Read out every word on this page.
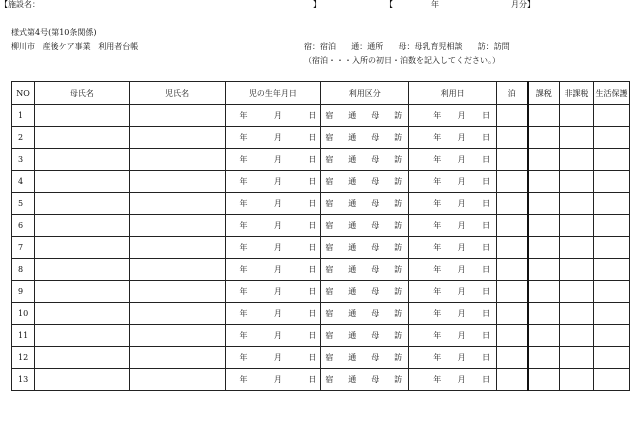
様式第4号(第10条関係)
柳川市 産後ケア事業 利用者台帳	宿：宿泊 通：通所 母：母乳育児相談 訪：訪問
（宿泊・・・入所の初日・泊数を記入してください。）
【施設名：	】	【	年	月分】
NO	母氏名	児氏名	児の生年月日	利用区分	利用日	泊	課税	非課税	生活保護
1			年 月 日	宿 通 母 訪	年 月 日				

2			年 月 日	宿 通 母 訪	年 月 日				

3			年 月 日	宿 通 母 訪	年 月 日				

4			年 月 日	宿 通 母 訪	年 月 日				

5			年 月 日	宿 通 母 訪	年 月 日				

6			年 月 日	宿 通 母 訪	年 月 日				

7			年 月 日	宿 通 母 訪	年 月 日				

8			年 月 日	宿 通 母 訪	年 月 日				

9			年 月 日	宿 通 母 訪	年 月 日				

10			年 月 日	宿 通 母 訪	年 月 日				

11			年 月 日	宿 通 母 訪	年 月 日				

12			年 月 日	宿 通 母 訪	年 月 日				

13			年 月 日	宿 通 母 訪	年 月 日				
